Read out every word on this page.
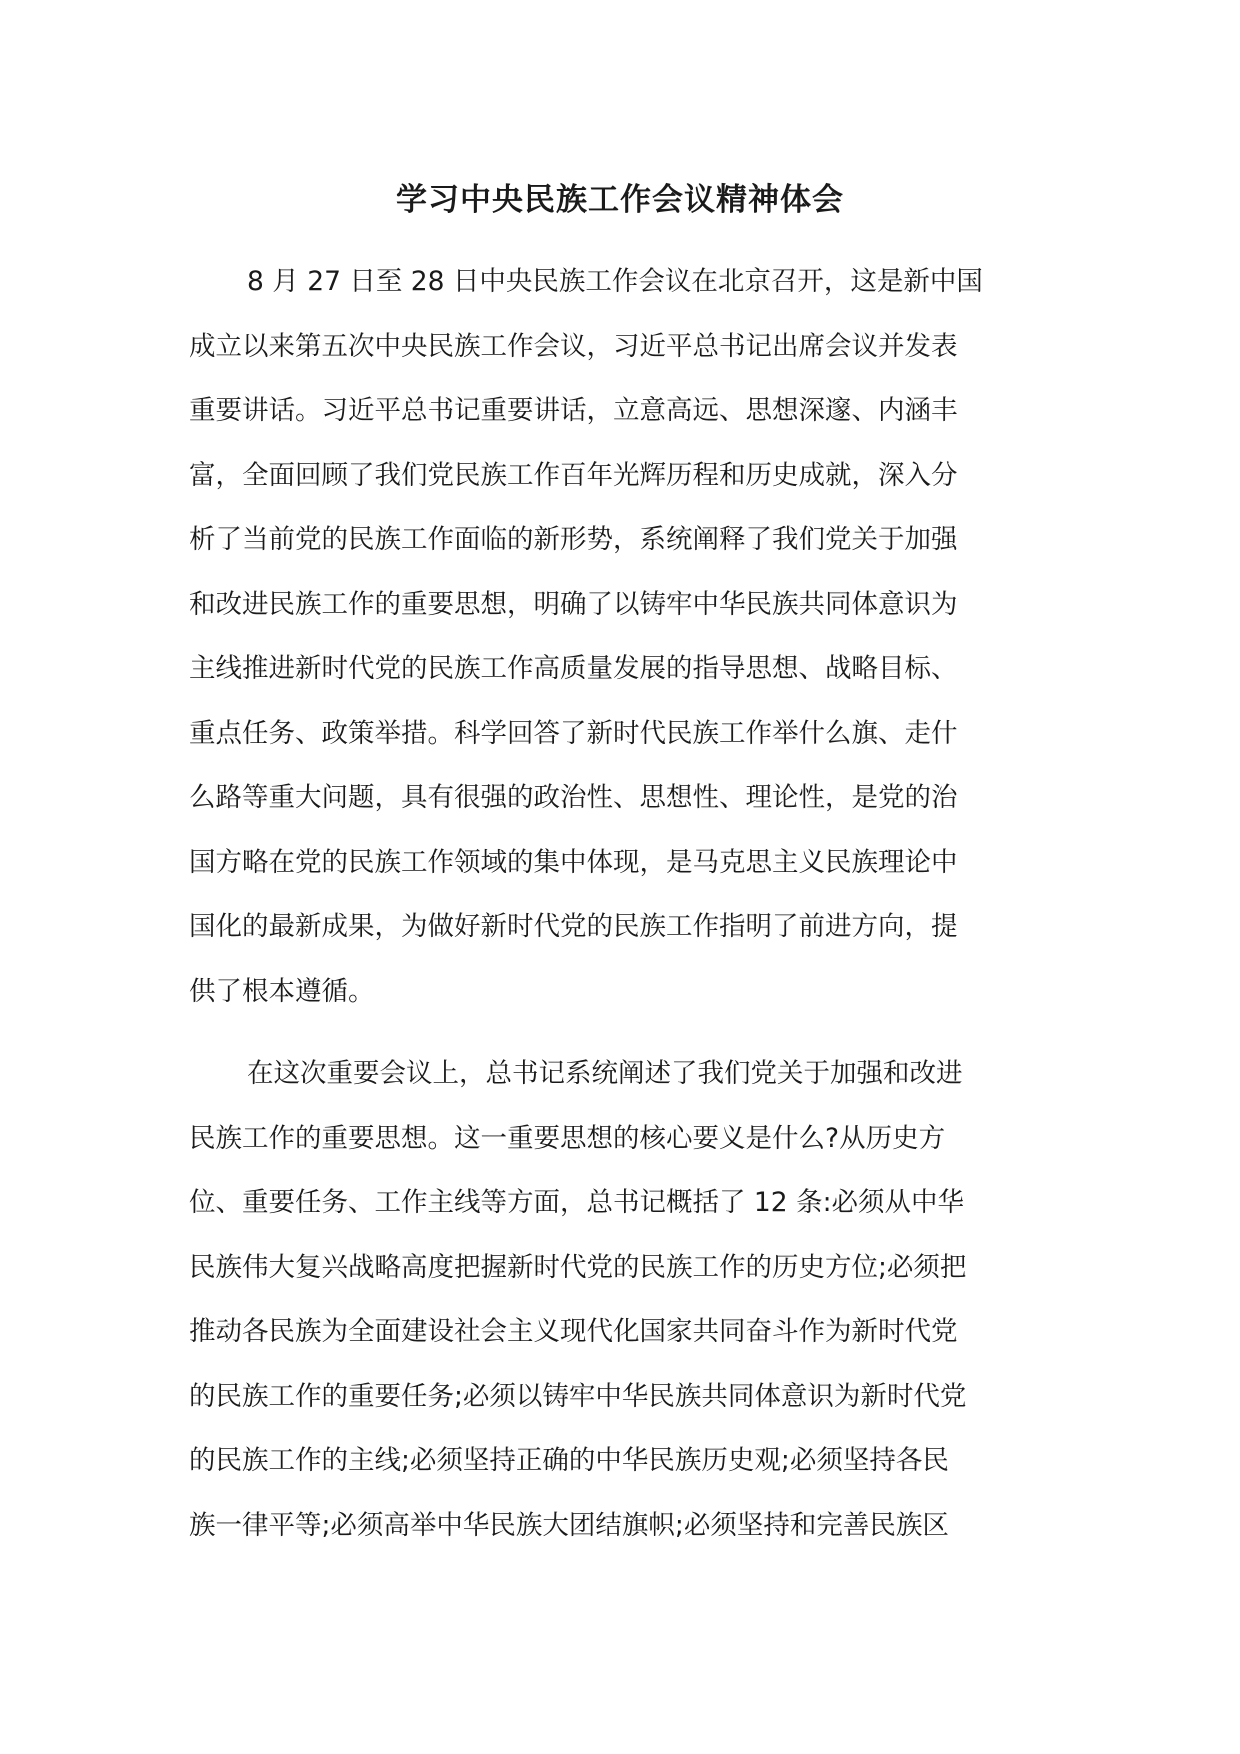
学习中央民族工作会议精神体会

8 月 27 日至 28 日中央民族工作会议在北京召开，这是新中国
成立以来第五次中央民族工作会议，习近平总书记出席会议并发表
重要讲话。习近平总书记重要讲话，立意高远、思想深邃、内涵丰
富，全面回顾了我们党民族工作百年光辉历程和历史成就，深入分
析了当前党的民族工作面临的新形势，系统阐释了我们党关于加强
和改进民族工作的重要思想，明确了以铸牢中华民族共同体意识为
主线推进新时代党的民族工作高质量发展的指导思想、战略目标、
重点任务、政策举措。科学回答了新时代民族工作举什么旗、走什
么路等重大问题，具有很强的政治性、思想性、理论性，是党的治
国方略在党的民族工作领域的集中体现，是马克思主义民族理论中
国化的最新成果，为做好新时代党的民族工作指明了前进方向，提
供了根本遵循。

在这次重要会议上，总书记系统阐述了我们党关于加强和改进
民族工作的重要思想。这一重要思想的核心要义是什么?从历史方
位、重要任务、工作主线等方面，总书记概括了 12 条:必须从中华
民族伟大复兴战略高度把握新时代党的民族工作的历史方位;必须把
推动各民族为全面建设社会主义现代化国家共同奋斗作为新时代党
的民族工作的重要任务;必须以铸牢中华民族共同体意识为新时代党
的民族工作的主线;必须坚持正确的中华民族历史观;必须坚持各民
族一律平等;必须高举中华民族大团结旗帜;必须坚持和完善民族区
